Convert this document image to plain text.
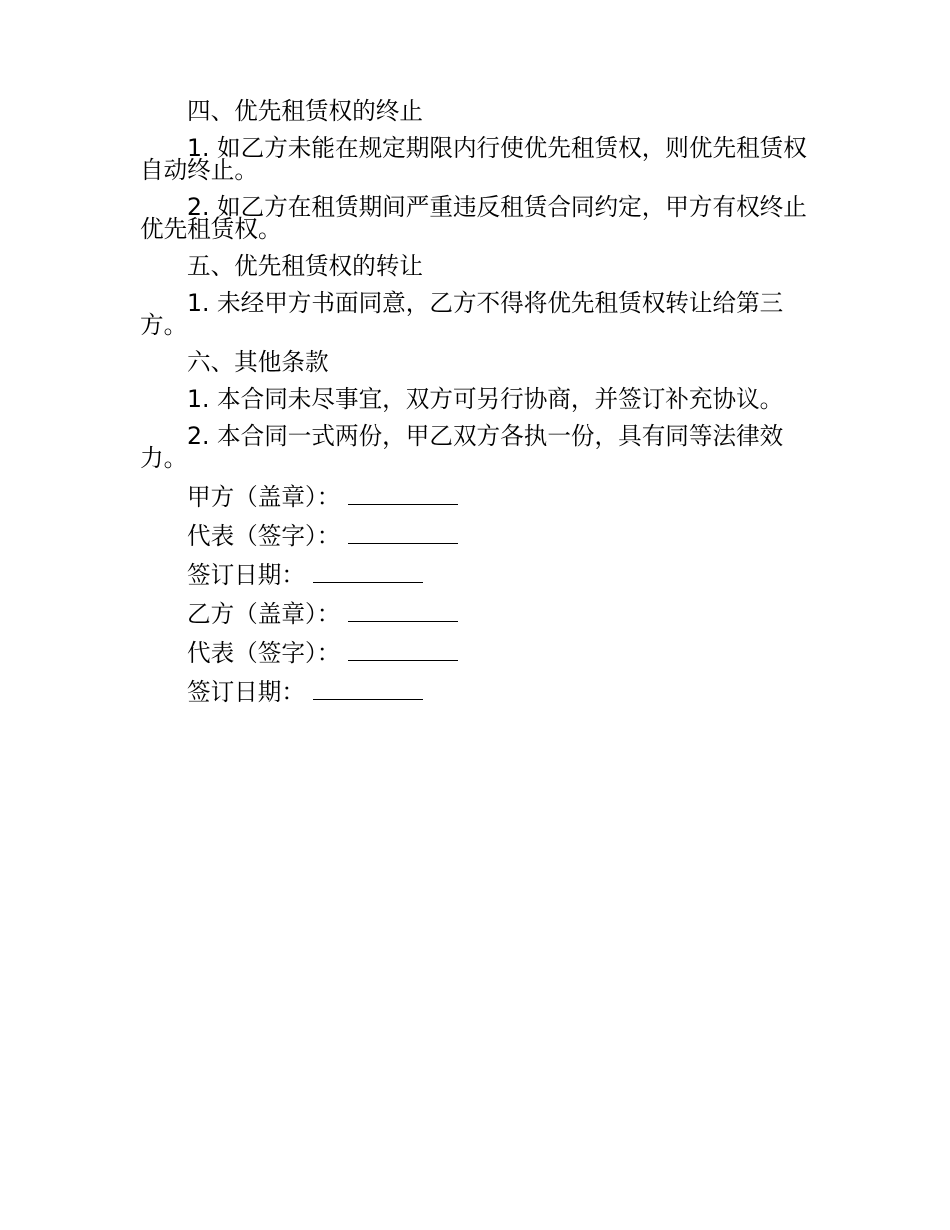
四、优先租赁权的终止

1. 如乙方未能在规定期限内行使优先租赁权，则优先租赁权自动终止。

2. 如乙方在租赁期间严重违反租赁合同约定，甲方有权终止优先租赁权。

五、优先租赁权的转让

1. 未经甲方书面同意，乙方不得将优先租赁权转让给第三方。

六、其他条款

1. 本合同未尽事宜，双方可另行协商，并签订补充协议。

2. 本合同一式两份，甲乙双方各执一份，具有同等法律效力。

甲方（盖章）：
代表（签字）：
签订日期：
乙方（盖章）：
代表（签字）：
签订日期：
